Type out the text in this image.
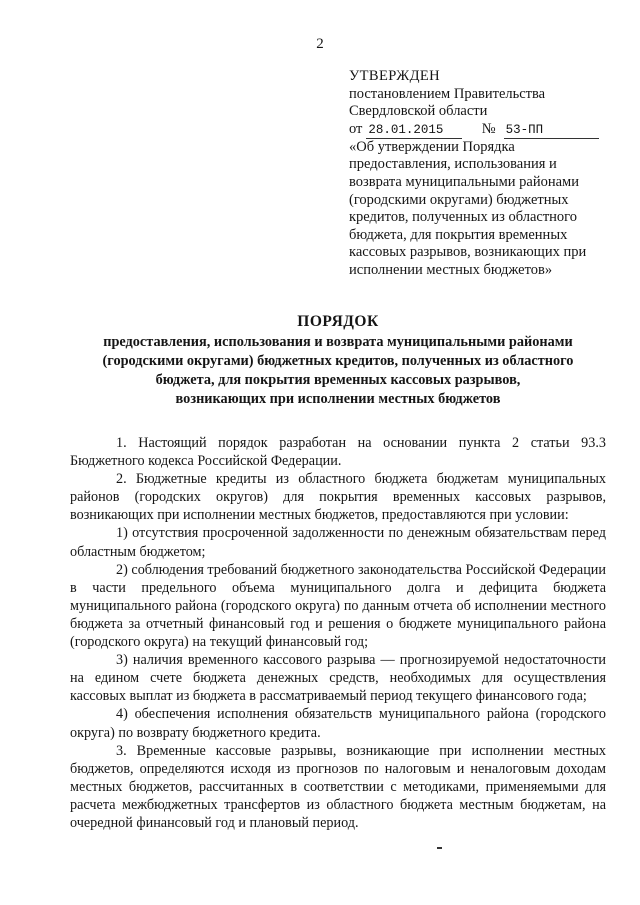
2
УТВЕРЖДЕН
постановлением Правительства
Свердловской области
от 28.01.2015	№ 53-ПП
«Об утверждении Порядка
предоставления, использования и
возврата муниципальными районами
(городскими округами) бюджетных
кредитов, полученных из областного
бюджета, для покрытия временных
кассовых разрывов, возникающих при
исполнении местных бюджетов»
ПОРЯДОК
предоставления, использования и возврата муниципальными районами
(городскими округами) бюджетных кредитов, полученных из областного
бюджета, для покрытия временных кассовых разрывов,
возникающих при исполнении местных бюджетов

1. Настоящий порядок разработан на основании пункта 2 статьи 93.3 Бюджетного кодекса Российской Федерации.

2. Бюджетные кредиты из областного бюджета бюджетам муниципальных районов (городских округов) для покрытия временных кассовых разрывов, возникающих при исполнении местных бюджетов, предоставляются при условии:

1) отсутствия просроченной задолженности по денежным обязательствам перед областным бюджетом;

2) соблюдения требований бюджетного законодательства Российской Федерации в части предельного объема муниципального долга и дефицита бюджета муниципального района (городского округа) по данным отчета об исполнении местного бюджета за отчетный финансовый год и решения о бюджете муниципального района (городского округа) на текущий финансовый год;

3) наличия временного кассового разрыва — прогнозируемой недостаточности на едином счете бюджета денежных средств, необходимых для осуществления кассовых выплат из бюджета в рассматриваемый период текущего финансового года;

4) обеспечения исполнения обязательств муниципального района (городского округа) по возврату бюджетного кредита.

3. Временные кассовые разрывы, возникающие при исполнении местных бюджетов, определяются исходя из прогнозов по налоговым и неналоговым доходам местных бюджетов, рассчитанных в соответствии с методиками, применяемыми для расчета межбюджетных трансфертов из областного бюджета местным бюджетам, на очередной финансовый год и плановый период.
